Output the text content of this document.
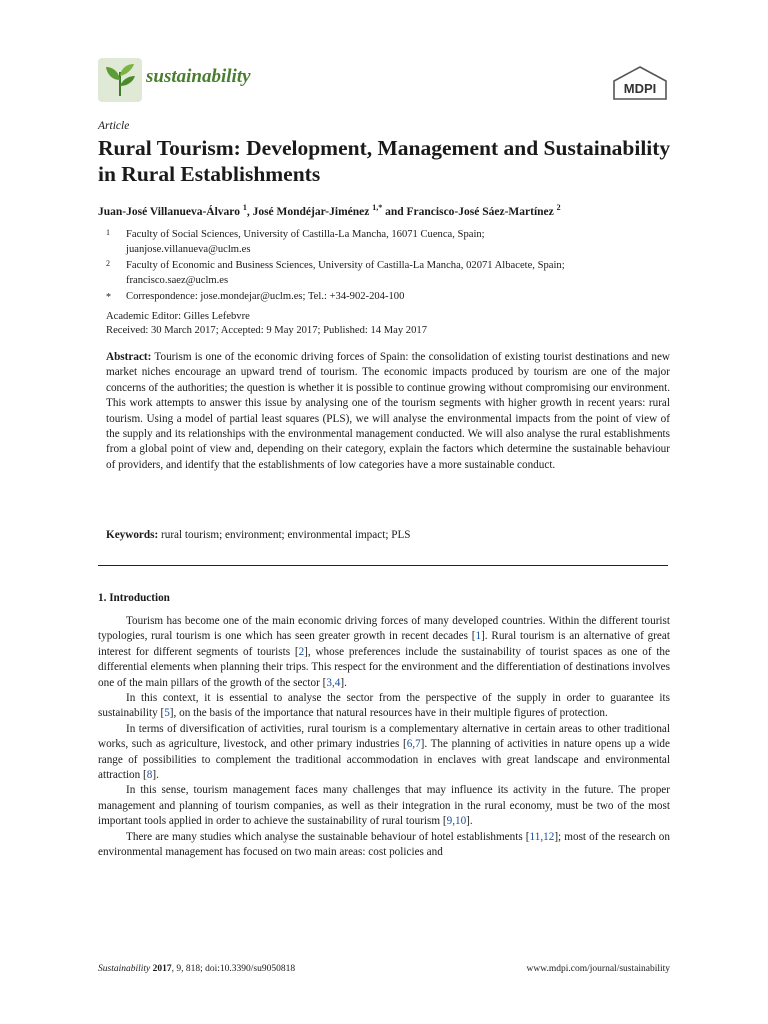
sustainability
MDPI
Article
Rural Tourism: Development, Management and Sustainability in Rural Establishments
Juan-José Villanueva-Álvaro $^1$, José Mondéjar-Jiménez $^{1,*}$ and Francisco-José Sáez-Martínez $^2$
1 Faculty of Social Sciences, University of Castilla-La Mancha, 16071 Cuenca, Spain;
juanjose.villanueva@uclm.es
2 Faculty of Economic and Business Sciences, University of Castilla-La Mancha, 02071 Albacete, Spain;
francisco.saez@uclm.es
* Correspondence: jose.mondejar@uclm.es; Tel.: +34-902-204-100
Academic Editor: Gilles Lefebvre
Received: 30 March 2017; Accepted: 9 May 2017; Published: 14 May 2017
Abstract: Tourism is one of the economic driving forces of Spain: the consolidation of existing tourist destinations and new market niches encourage an upward trend of tourism. The economic impacts produced by tourism are one of the major concerns of the authorities; the question is whether it is possible to continue growing without compromising our environment. This work attempts to answer this issue by analysing one of the tourism segments with higher growth in recent years: rural tourism. Using a model of partial least squares (PLS), we will analyse the environmental impacts from the point of view of the supply and its relationships with the environmental management conducted. We will also analyse the rural establishments from a global point of view and, depending on their category, explain the factors which determine the sustainable behaviour of providers, and identify that the establishments of low categories have a more sustainable conduct.
Keywords: rural tourism; environment; environmental impact; PLS
1. Introduction

Tourism has become one of the main economic driving forces of many developed countries. Within the different tourist typologies, rural tourism is one which has seen greater growth in recent decades [1]. Rural tourism is an alternative of great interest for different segments of tourists [2], whose preferences include the sustainability of tourist spaces as one of the differential elements when planning their trips. This respect for the environment and the differentiation of destinations involves one of the main pillars of the growth of the sector [3,4].

In this context, it is essential to analyse the sector from the perspective of the supply in order to guarantee its sustainability [5], on the basis of the importance that natural resources have in their multiple figures of protection.

In terms of diversification of activities, rural tourism is a complementary alternative in certain areas to other traditional works, such as agriculture, livestock, and other primary industries [6,7]. The planning of activities in nature opens up a wide range of possibilities to complement the traditional accommodation in enclaves with great landscape and environmental attraction [8].

In this sense, tourism management faces many challenges that may influence its activity in the future. The proper management and planning of tourism companies, as well as their integration in the rural economy, must be two of the most important tools applied in order to achieve the sustainability of rural tourism [9,10].

There are many studies which analyse the sustainable behaviour of hotel establishments [11,12]; most of the research on environmental management has focused on two main areas: cost policies and

Sustainability 2017, 9, 818; doi:10.3390/su9050818	www.mdpi.com/journal/sustainability
